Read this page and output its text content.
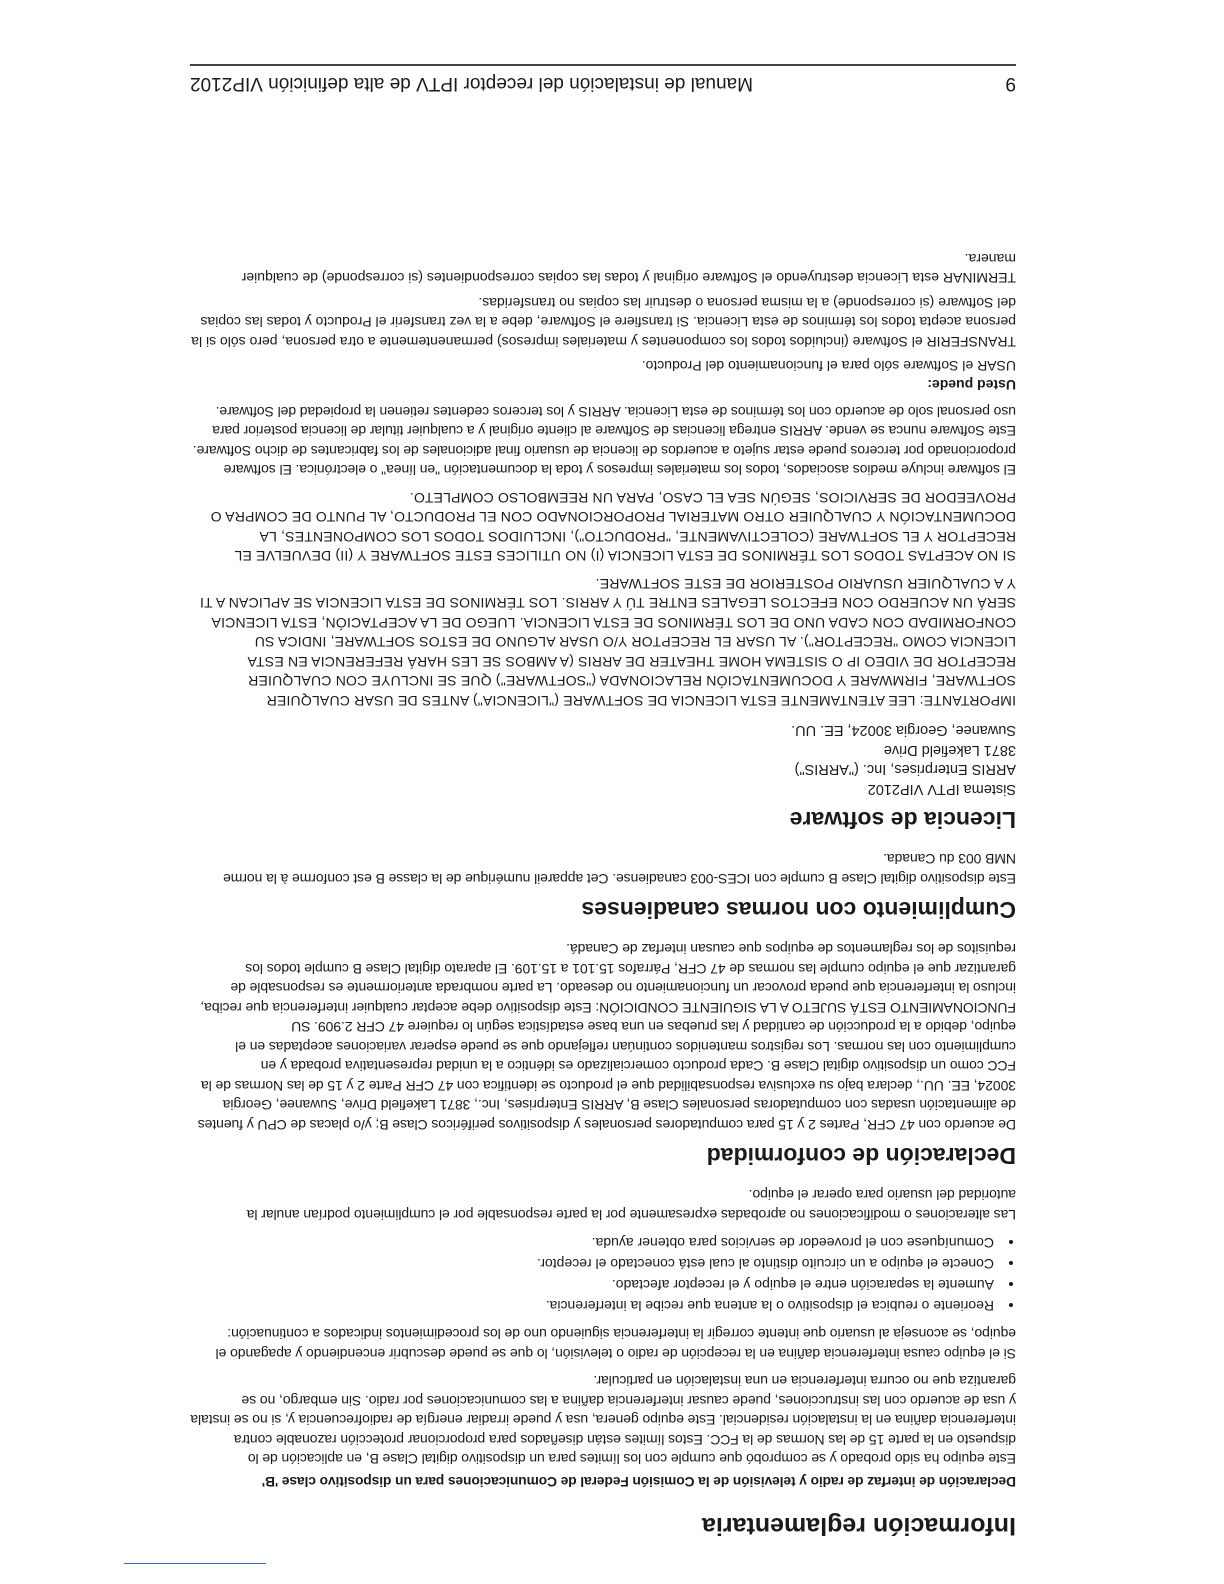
Información reglamentaria

Declaración de interfaz de radio y televisión de la Comisión Federal de Comunicaciones para un dispositivo clase 'B'

Este equipo ha sido probado y se comprobó que cumple con los límites para un dispositivo digital Clase B, en aplicación de lo dispuesto en la parte 15 de las Normas de la FCC. Estos límites están diseñados para proporcionar protección razonable contra interferencia dañina en la instalación residencial. Este equipo genera, usa y puede irradiar energía de radiofrecuencia y, si no se instala y usa de acuerdo con las instrucciones, puede causar interferencia dañina a las comunicaciones por radio. Sin embargo, no se garantiza que no ocurra interferencia en una instalación en particular.

Si el equipo causa interferencia dañina en la recepción de radio o televisión, lo que se puede descubrir encendiendo y apagando el equipo, se aconseja al usuario que intente corregir la interferencia siguiendo uno de los procedimientos indicados a continuación:

• Reoriente o reubica el dispositivo o la antena que recibe la interferencia.
• Aumente la separación entre el equipo y el receptor afectado.
• Conecte el equipo a un circuito distinto al cual está conectado el receptor.
• Comuníquese con el proveedor de servicios para obtener ayuda.

Las alteraciones o modificaciones no aprobadas expresamente por la parte responsable por el cumplimiento podrían anular la autoridad del usuario para operar el equipo.

Declaración de conformidad

De acuerdo con 47 CFR, Partes 2 y 15 para computadores personales y dispositivos periféricos Clase B; y/o placas de CPU y fuentes de alimentación usadas con computadoras personales Clase B, ARRIS Enterprises, Inc., 3871 Lakefield Drive, Suwanee, Georgia 30024, EE. UU., declara bajo su exclusiva responsabilidad que el producto se identifica con 47 CFR Parte 2 y 15 de las Normas de la FCC como un dispositivo digital Clase B. Cada producto comercializado es idéntico a la unidad representativa probada y en cumplimiento con las normas. Los registros mantenidos continúan reflejando que se puede esperar variaciones aceptadas en el equipo, debido a la producción de cantidad y las pruebas en una base estadística según lo requiere 47 CFR 2.909. SU FUNCIONAMIENTO ESTÁ SUJETO A LA SIGUIENTE CONDICIÓN: Este dispositivo debe aceptar cualquier interferencia que reciba, incluso la interferencia que pueda provocar un funcionamiento no deseado. La parte nombrada anteriormente es responsable de garantizar que el equipo cumple las normas de 47 CFR, Párrafos 15.101 a 15.109. El aparato digital Clase B cumple todos los requisitos de los reglamentos de equipos que causan interfaz de Canadá.

Cumplimiento con normas canadienses

Este dispositivo digital Clase B cumple con ICES-003 canadiense. Cet appareil numérique de la classe B est conforme à la norme NMB 003 du Canada.

Licencia de software
Sistema IPTV VIP2102
ARRIS Enterprises, Inc. ("ARRIS")
3871 Lakefield Drive
Suwanee, Georgia 30024, EE. UU.

IMPORTANTE: LEE ATENTAMENTE ESTA LICENCIA DE SOFTWARE ("LICENCIA") ANTES DE USAR CUALQUIER SOFTWARE, FIRMWARE Y DOCUMENTACIÓN RELACIONADA ("SOFTWARE") QUE SE INCLUYE CON CUALQUIER RECEPTOR DE VIDEO IP O SISTEMA HOME THEATER DE ARRIS (A AMBOS SE LES HARÁ REFERENCIA EN ESTA LICENCIA COMO "RECEPTOR"). AL USAR EL RECEPTOR Y/O USAR ALGUNO DE ESTOS SOFTWARE, INDICA SU CONFORMIDAD CON CADA UNO DE LOS TÉRMINOS DE ESTA LICENCIA. LUEGO DE LA ACEPTACIÓN, ESTA LICENCIA SERÁ UN ACUERDO CON EFECTOS LEGALES ENTRE TÚ Y ARRIS. LOS TÉRMINOS DE ESTA LICENCIA SE APLICAN A TI Y A CUALQUIER USUARIO POSTERIOR DE ESTE SOFTWARE.

SI NO ACEPTAS TODOS LOS TÉRMINOS DE ESTA LICENCIA (I) NO UTILICES ESTE SOFTWARE Y (II) DEVUELVE EL RECEPTOR Y EL SOFTWARE (COLECTIVAMENTE, "PRODUCTO"), INCLUIDOS TODOS LOS COMPONENTES, LA DOCUMENTACIÓN Y CUALQUIER OTRO MATERIAL PROPORCIONADO CON EL PRODUCTO, AL PUNTO DE COMPRA O PROVEEDOR DE SERVICIOS, SEGÚN SEA EL CASO, PARA UN REEMBOLSO COMPLETO.

El software incluye medios asociados, todos los materiales impresos y toda la documentación "en línea" o electrónica. El software proporcionado por terceros puede estar sujeto a acuerdos de licencia de usuario final adicionales de los fabricantes de dicho Software. Este Software nunca se vende. ARRIS entrega licencias de Software al cliente original y a cualquier titular de licencia posterior para uso personal solo de acuerdo con los términos de esta Licencia. ARRIS y los terceros cedentes retienen la propiedad del Software.

Usted puede:
USAR el Software sólo para el funcionamiento del Producto.
TRANSFERIR el Software (incluidos todos los componentes y materiales impresos) permanentemente a otra persona, pero sólo si la persona acepta todos los términos de esta Licencia. Si transfiere el Software, debe a la vez transferir el Producto y todas las copias del Software (si corresponde) a la misma persona o destruir las copias no transferidas.
TERMINAR esta Licencia destruyendo el Software original y todas las copias correspondientes (si corresponde) de cualquier manera.
9
Manual de instalación del receptor IPTV de alta definición VIP2102
